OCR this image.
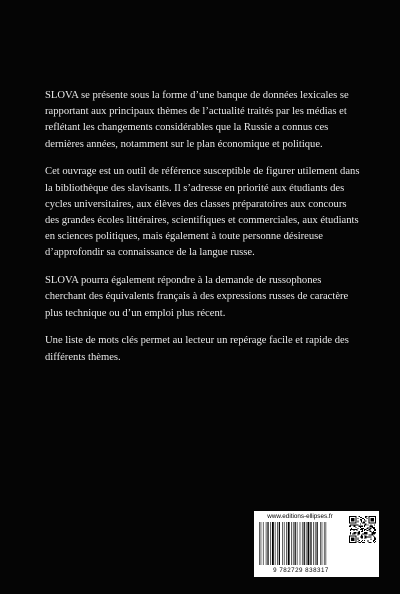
SLOVA se présente sous la forme d’une banque de données lexicales se rapportant aux principaux thèmes de l’actualité traités par les médias et reflétant les changements considérables que la Russie a connus ces dernières années, notamment sur le plan économique et politique.

Cet ouvrage est un outil de référence susceptible de figurer utilement dans la bibliothèque des slavisants. Il s’adresse en priorité aux étudiants des cycles universitaires, aux élèves des classes préparatoires aux concours des grandes écoles littéraires, scientifiques et commerciales, aux étudiants en sciences politiques, mais également à toute personne désireuse d’approfondir sa connaissance de la langue russe.

SLOVA pourra également répondre à la demande de russophones cherchant des équivalents français à des expressions russes de caractère plus technique ou d’un emploi plus récent.

Une liste de mots clés permet au lecteur un repérage facile et rapide des différents thèmes.

www.editions-ellipses.fr
9 782729 838317
